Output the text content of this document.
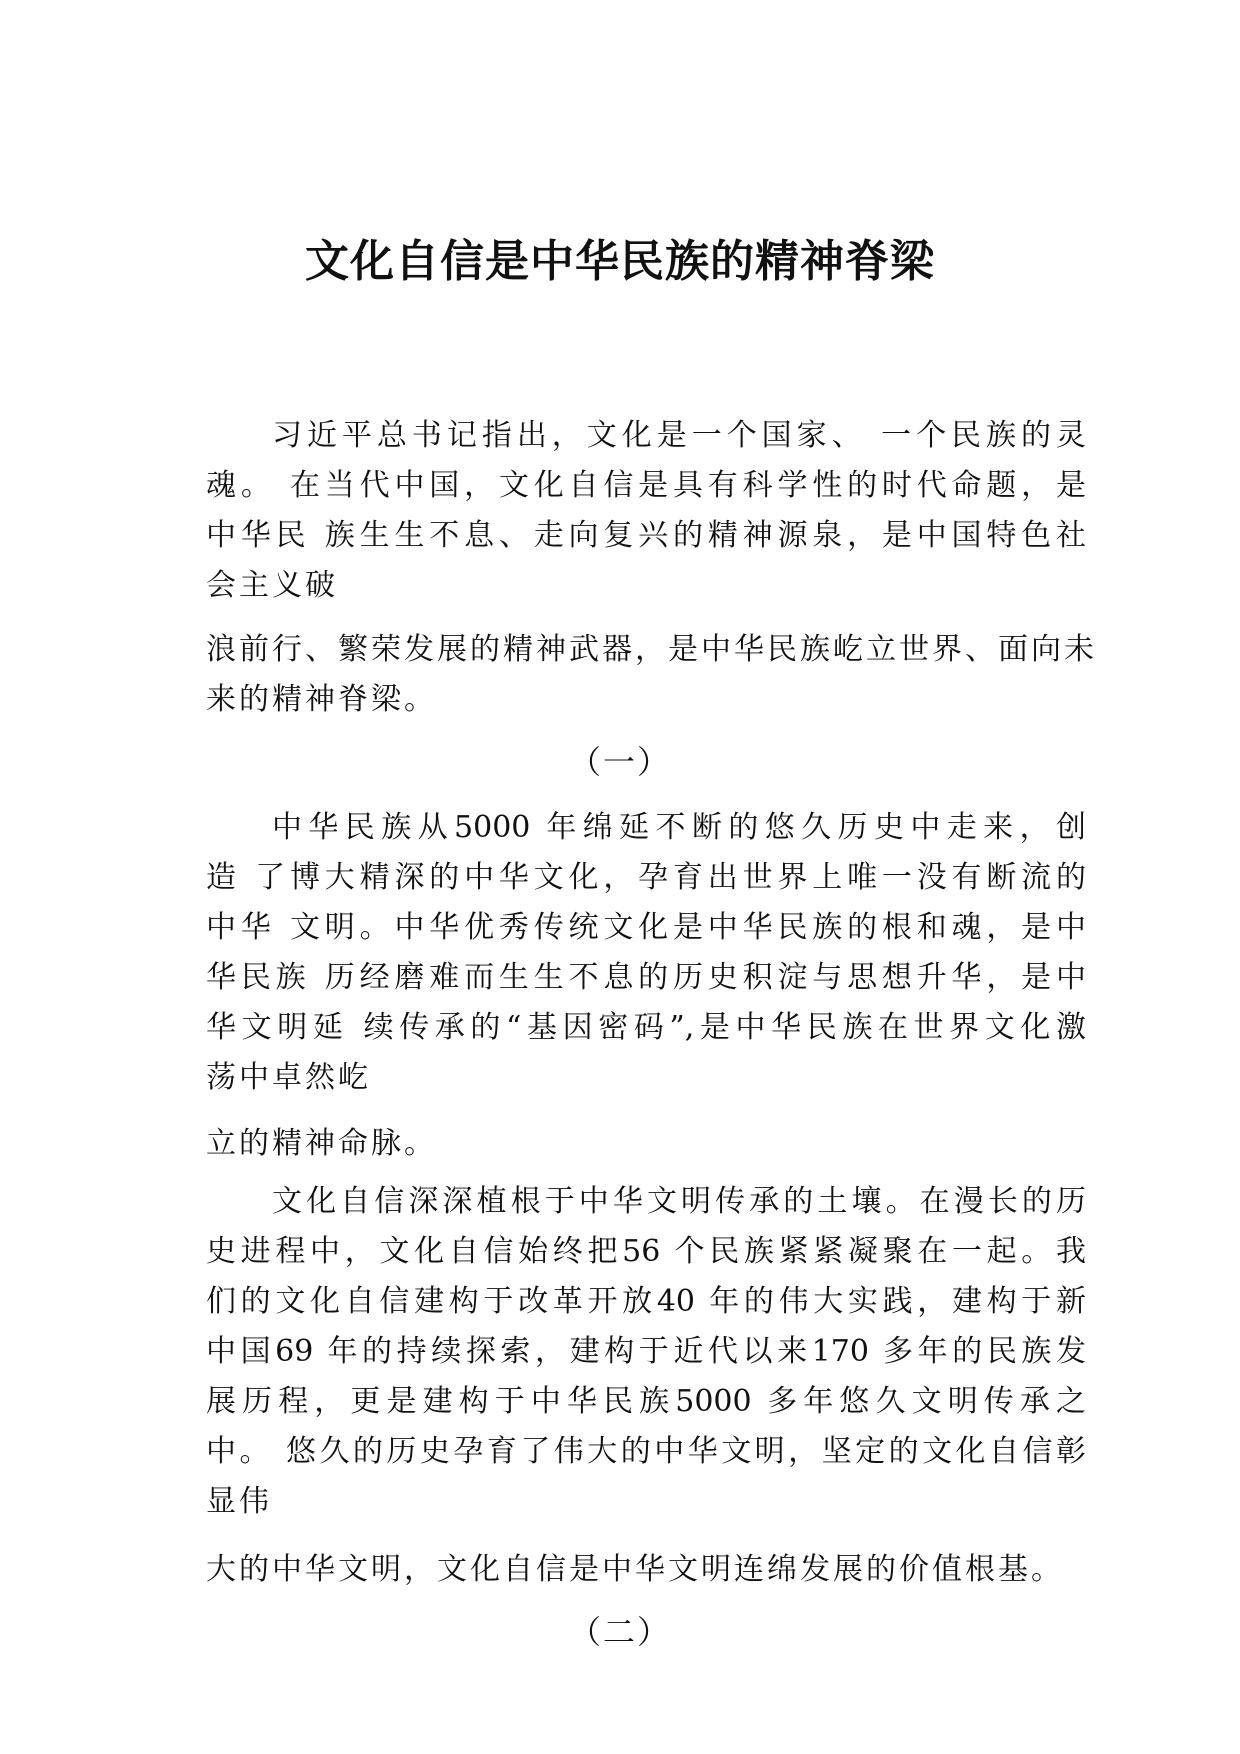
文化自信是中华民族的精神脊梁

习近平总书记指出，文化是一个国家、 一个民族的灵

魂。 在当代中国，文化自信是具有科学性的时代命题，是

中华民 族生生不息、走向复兴的精神源泉，是中国特色社

会主义破

浪前行、繁荣发展的精神武器，是中华民族屹立世界、面向未

来的精神脊梁。

（一）

中华民族从5000 年绵延不断的悠久历史中走来，创

造 了博大精深的中华文化，孕育出世界上唯一没有断流的

中华 文明。中华优秀传统文化是中华民族的根和魂，是中

华民族 历经磨难而生生不息的历史积淀与思想升华，是中

华文明延 续传承的“基因密码”,是中华民族在世界文化激

荡中卓然屹

立的精神命脉。

文化自信深深植根于中华文明传承的土壤。在漫长的历

史进程中，文化自信始终把56 个民族紧紧凝聚在一起。我

们的文化自信建构于改革开放40 年的伟大实践，建构于新

中国69 年的持续探索，建构于近代以来170 多年的民族发

展历程，更是建构于中华民族5000 多年悠久文明传承之

中。 悠久的历史孕育了伟大的中华文明，坚定的文化自信彰

显伟

大的中华文明，文化自信是中华文明连绵发展的价值根基。

（二）
